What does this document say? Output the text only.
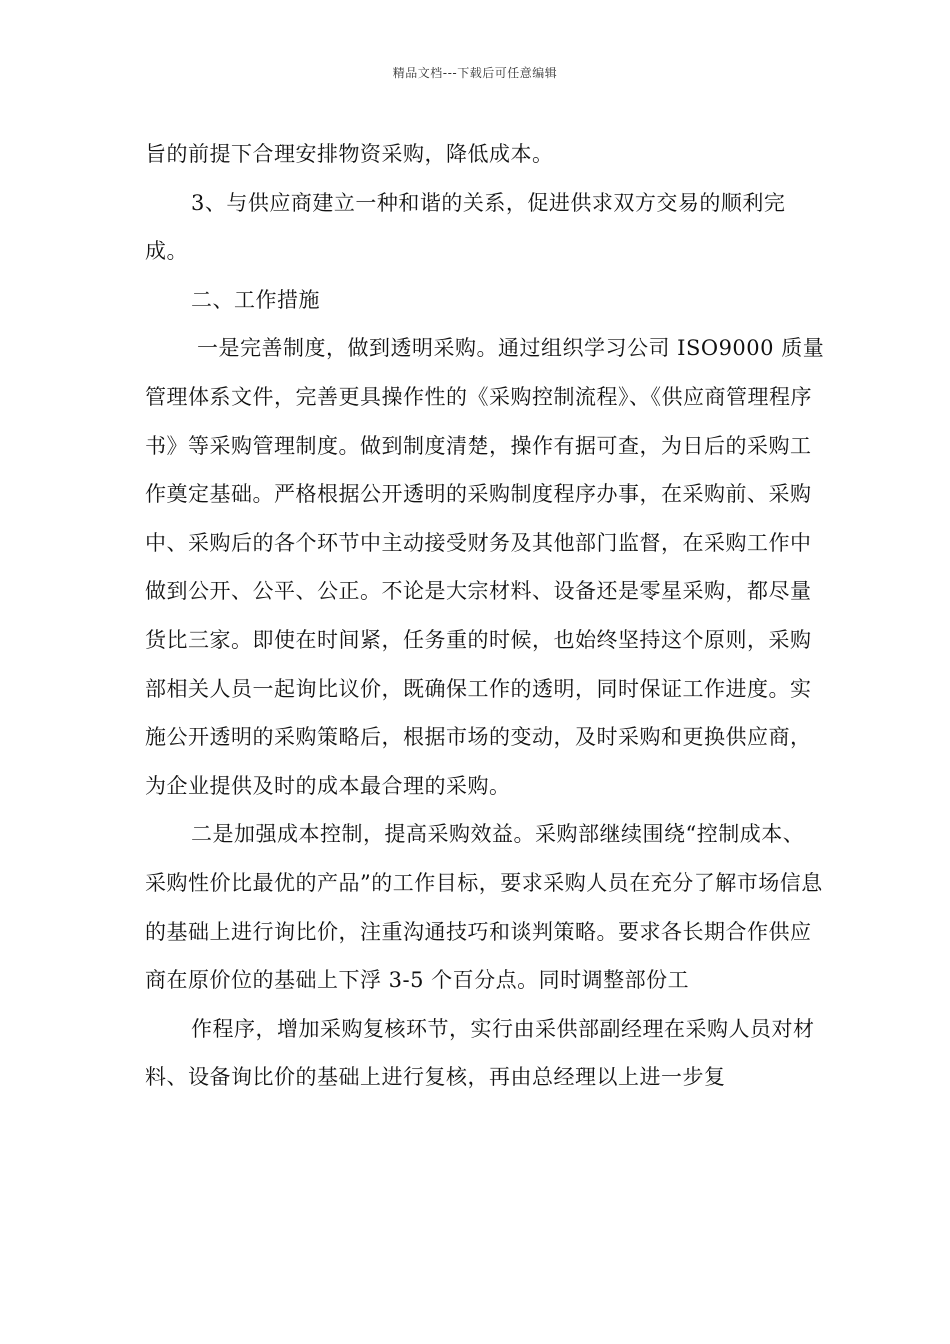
精品文档---下载后可任意编辑

旨的前提下合理安排物资采购，降低成本。

3、与供应商建立一种和谐的关系，促进供求双方交易的顺利完成。

二、工作措施

一是完善制度，做到透明采购。通过组织学习公司 ISO9000 质量管理体系文件，完善更具操作性的《采购控制流程》、《供应商管理程序书》等采购管理制度。做到制度清楚，操作有据可查，为日后的采购工作奠定基础。严格根据公开透明的采购制度程序办事，在采购前、采购中、采购后的各个环节中主动接受财务及其他部门监督，在采购工作中做到公开、公平、公正。不论是大宗材料、设备还是零星采购，都尽量货比三家。即使在时间紧，任务重的时候，也始终坚持这个原则，采购部相关人员一起询比议价，既确保工作的透明，同时保证工作进度。实施公开透明的采购策略后，根据市场的变动，及时采购和更换供应商，为企业提供及时的成本最合理的采购。

二是加强成本控制，提高采购效益。采购部继续围绕“控制成本、采购性价比最优的产品”的工作目标，要求采购人员在充分了解市场信息的基础上进行询比价，注重沟通技巧和谈判策略。要求各长期合作供应商在原价位的基础上下浮 3-5 个百分点。同时调整部份工

作程序，增加采购复核环节，实行由采供部副经理在采购人员对材料、设备询比价的基础上进行复核，再由总经理以上进一步复
